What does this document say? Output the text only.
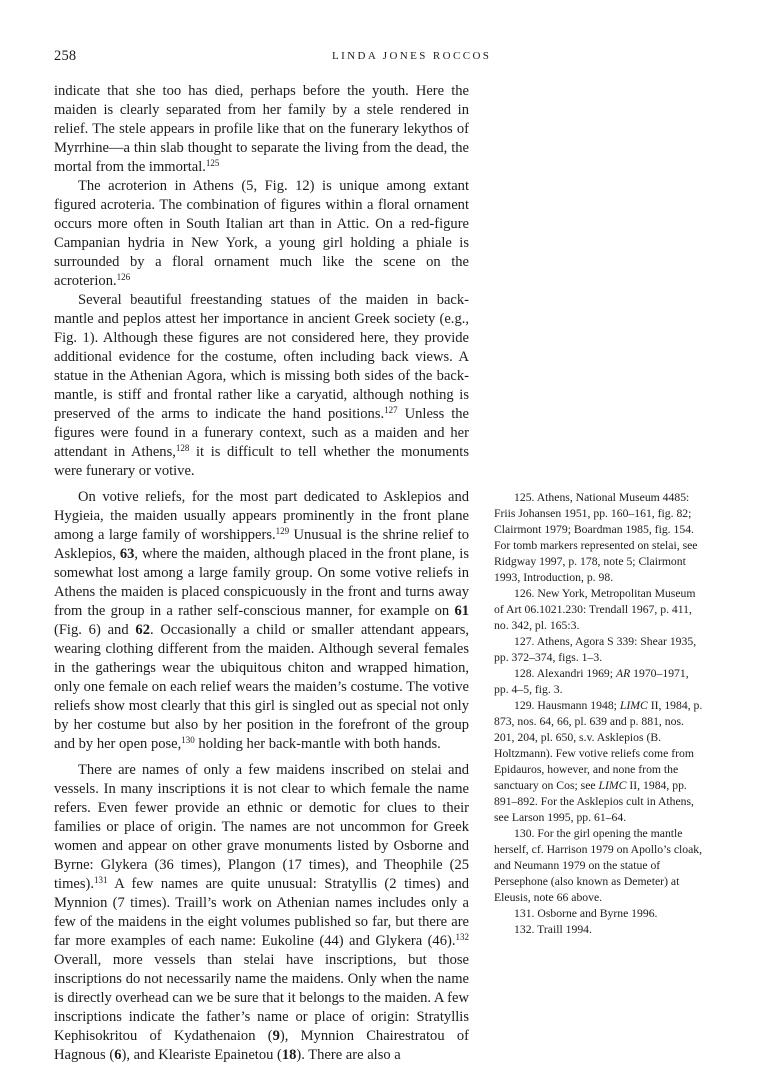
258	LINDA JONES ROCCOS

indicate that she too has died, perhaps before the youth. Here the maiden is clearly separated from her family by a stele rendered in relief. The stele appears in profile like that on the funerary lekythos of Myrrhine—a thin slab thought to separate the living from the dead, the mortal from the immortal.$^{125}$

The acroterion in Athens (5, Fig. 12) is unique among extant figured acroteria. The combination of figures within a floral ornament occurs more often in South Italian art than in Attic. On a red-figure Campanian hydria in New York, a young girl holding a phiale is surrounded by a floral ornament much like the scene on the acroterion.$^{126}$

Several beautiful freestanding statues of the maiden in back-mantle and peplos attest her importance in ancient Greek society (e.g., Fig. 1). Although these figures are not considered here, they provide additional evidence for the costume, often including back views. A statue in the Athenian Agora, which is missing both sides of the back-mantle, is stiff and frontal rather like a caryatid, although nothing is preserved of the arms to indicate the hand positions.$^{127}$ Unless the figures were found in a funerary context, such as a maiden and her attendant in Athens,$^{128}$ it is difficult to tell whether the monuments were funerary or votive.

On votive reliefs, for the most part dedicated to Asklepios and Hygieia, the maiden usually appears prominently in the front plane among a large family of worshippers.$^{129}$ Unusual is the shrine relief to Asklepios, 63, where the maiden, although placed in the front plane, is somewhat lost among a large family group. On some votive reliefs in Athens the maiden is placed conspicuously in the front and turns away from the group in a rather self-conscious manner, for example on 61 (Fig. 6) and 62. Occasionally a child or smaller attendant appears, wearing clothing different from the maiden. Although several females in the gatherings wear the ubiquitous chiton and wrapped himation, only one female on each relief wears the maiden’s costume. The votive reliefs show most clearly that this girl is singled out as special not only by her costume but also by her position in the forefront of the group and by her open pose,$^{130}$ holding her back-mantle with both hands.

There are names of only a few maidens inscribed on stelai and vessels. In many inscriptions it is not clear to which female the name refers. Even fewer provide an ethnic or demotic for clues to their families or place of origin. The names are not uncommon for Greek women and appear on other grave monuments listed by Osborne and Byrne: Glykera (36 times), Plangon (17 times), and Theophile (25 times).$^{131}$ A few names are quite unusual: Stratyllis (2 times) and Mynnion (7 times). Traill’s work on Athenian names includes only a few of the maidens in the eight volumes published so far, but there are far more examples of each name: Eukoline (44) and Glykera (46).$^{132}$ Overall, more vessels than stelai have inscriptions, but those inscriptions do not necessarily name the maidens. Only when the name is directly overhead can we be sure that it belongs to the maiden. A few inscriptions indicate the father’s name or place of origin: Stratyllis Kephisokritou of Kydathenaion (9), Mynnion Chairestratou of Hagnous (6), and Kleariste Epainetou (18). There are also a

125. Athens, National Museum 4485: Friis Johansen 1951, pp. 160–161, fig. 82; Clairmont 1979; Boardman 1985, fig. 154. For tomb markers represented on stelai, see Ridgway 1997, p. 178, note 5; Clairmont 1993, Introduction, p. 98.

126. New York, Metropolitan Museum of Art 06.1021.230: Trendall 1967, p. 411, no. 342, pl. 165:3.

127. Athens, Agora S 339: Shear 1935, pp. 372–374, figs. 1–3.

128. Alexandri 1969; AR 1970–1971, pp. 4–5, fig. 3.

129. Hausmann 1948; LIMC II, 1984, p. 873, nos. 64, 66, pl. 639 and p. 881, nos. 201, 204, pl. 650, s.v. Asklepios (B. Holtzmann). Few votive reliefs come from Epidauros, however, and none from the sanctuary on Cos; see LIMC II, 1984, pp. 891–892. For the Asklepios cult in Athens, see Larson 1995, pp. 61–64.

130. For the girl opening the mantle herself, cf. Harrison 1979 on Apollo’s cloak, and Neumann 1979 on the statue of Persephone (also known as Demeter) at Eleusis, note 66 above.

131. Osborne and Byrne 1996.

132. Traill 1994.
